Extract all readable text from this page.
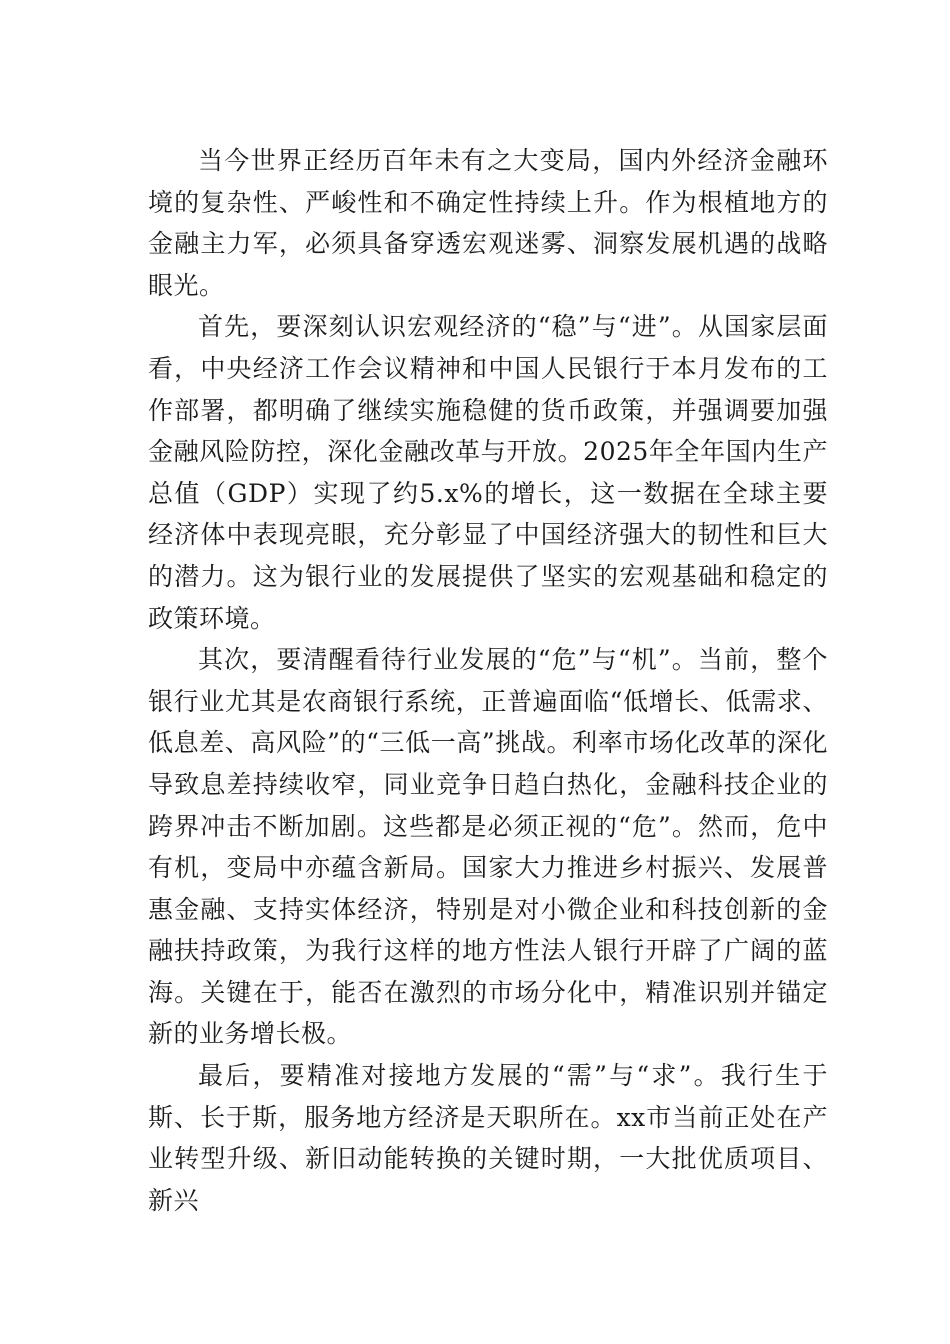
当今世界正经历百年未有之大变局，国内外经济金融环境的复杂性、严峻性和不确定性持续上升。作为根植地方的金融主力军，必须具备穿透宏观迷雾、洞察发展机遇的战略眼光。

首先，要深刻认识宏观经济的“稳”与“进”。从国家层面看，中央经济工作会议精神和中国人民银行于本月发布的工作部署，都明确了继续实施稳健的货币政策，并强调要加强金融风险防控，深化金融改革与开放。2025年全年国内生产总值（GDP）实现了约5.x%的增长，这一数据在全球主要经济体中表现亮眼，充分彰显了中国经济强大的韧性和巨大的潜力。这为银行业的发展提供了坚实的宏观基础和稳定的政策环境。

其次，要清醒看待行业发展的“危”与“机”。当前，整个银行业尤其是农商银行系统，正普遍面临“低增长、低需求、低息差、高风险”的“三低一高”挑战。利率市场化改革的深化导致息差持续收窄，同业竞争日趋白热化，金融科技企业的跨界冲击不断加剧。这些都是必须正视的“危”。然而，危中有机，变局中亦蕴含新局。国家大力推进乡村振兴、发展普惠金融、支持实体经济，特别是对小微企业和科技创新的金融扶持政策，为我行这样的地方性法人银行开辟了广阔的蓝海。关键在于，能否在激烈的市场分化中，精准识别并锚定新的业务增长极。

最后，要精准对接地方发展的“需”与“求”。我行生于斯、长于斯，服务地方经济是天职所在。xx市当前正处在产业转型升级、新旧动能转换的关键时期，一大批优质项目、新兴
